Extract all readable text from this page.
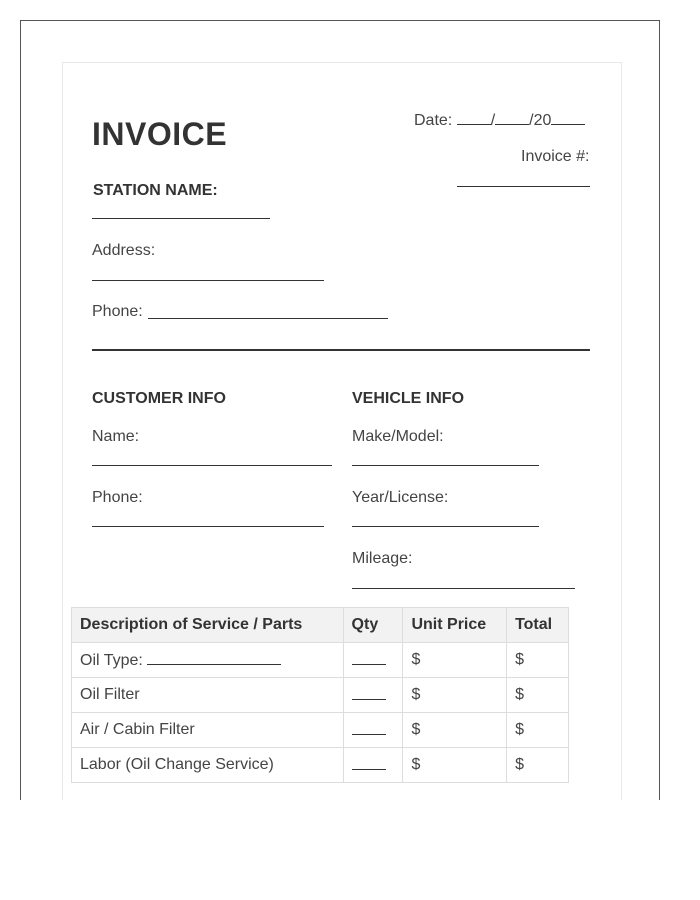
INVOICE	Date: / /20
Invoice #:
STATION NAME:
Address:
Phone:
CUSTOMER INFO
Name:
Phone:
VEHICLE INFO
Make/Model:
Year/License:
Mileage:
Description of Service / Parts	Qty	Unit Price	Total
Oil Type:		$	$
Oil Filter		$	$
Air / Cabin Filter		$	$
Labor (Oil Change Service)		$	$
